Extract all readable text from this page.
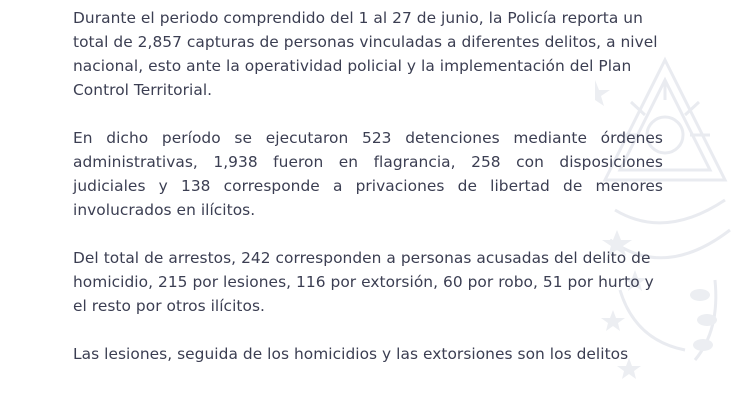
Durante el periodo comprendido del 1 al 27 de junio, la Policía reporta un total de 2,857 capturas de personas vinculadas a diferentes delitos, a nivel nacional, esto ante la operatividad policial y la implementación del Plan Control Territorial.

En dicho período se ejecutaron 523 detenciones mediante órdenes administrativas, 1,938 fueron en flagrancia, 258 con disposiciones judiciales y 138 corresponde a privaciones de libertad de menores involucrados en ilícitos.

Del total de arrestos, 242 corresponden a personas acusadas del delito de homicidio, 215 por lesiones, 116 por extorsión, 60 por robo, 51 por hurto y el resto por otros ilícitos.

Las lesiones, seguida de los homicidios y las extorsiones son los delitos
